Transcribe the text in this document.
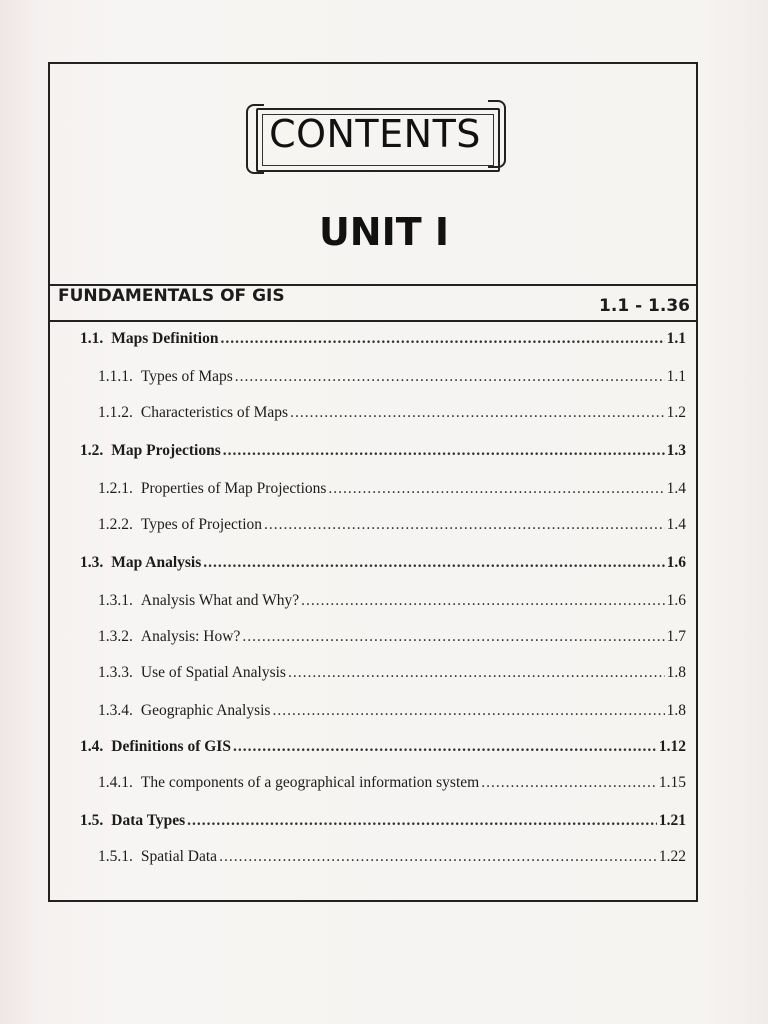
CONTENTS
UNIT I
FUNDAMENTALS OF GIS	1.1 - 1.36
1.1. Maps Definition .....	1.1
1.1.1. Types of Maps .....	1.1
1.1.2. Characteristics of Maps .....	1.2
1.2. Map Projections .....	1.3
1.2.1. Properties of Map Projections .....	1.4
1.2.2. Types of Projection .....	1.4
1.3. Map Analysis .....	1.6
1.3.1. Analysis What and Why? .....	1.6
1.3.2. Analysis: How? .....	1.7
1.3.3. Use of Spatial Analysis .....	1.8
1.3.4. Geographic Analysis .....	1.8
1.4. Definitions of GIS .....	1.12
1.4.1. The components of a geographical information system .....	1.15
1.5. Data Types .....	1.21
1.5.1. Spatial Data .....	1.22
